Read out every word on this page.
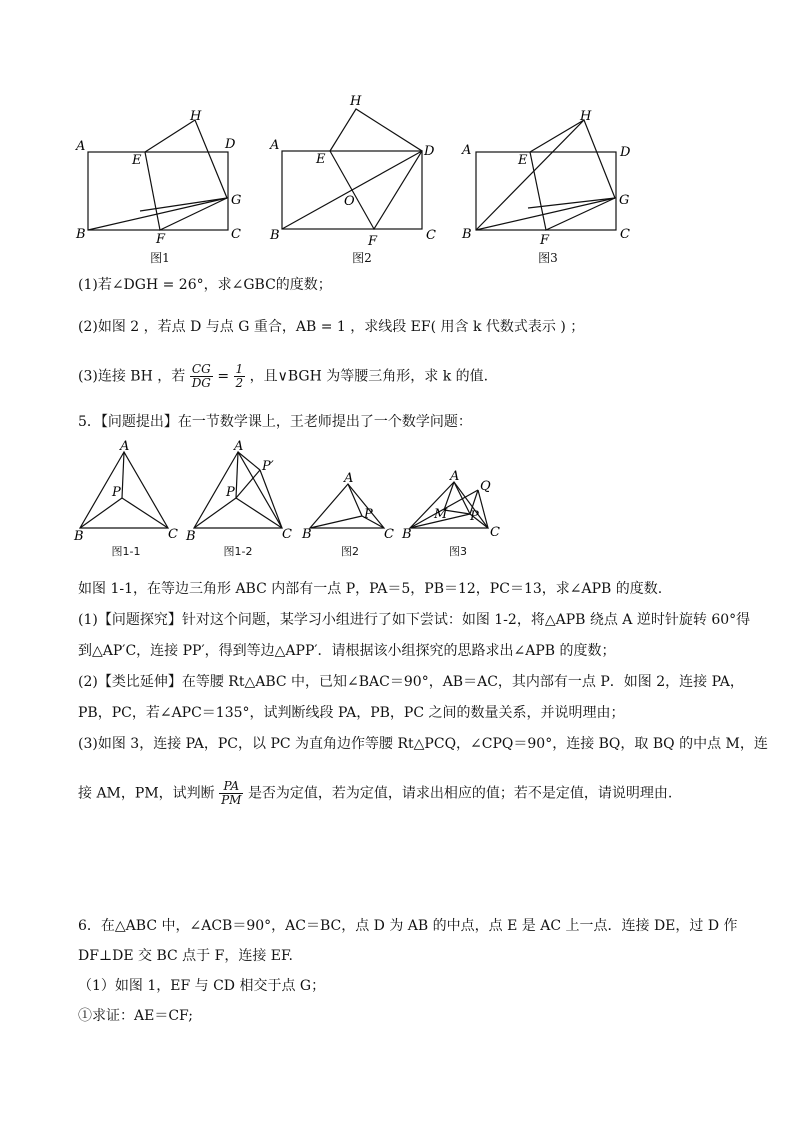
A
B	C
D
E
F
G
H
图1
A
B	C
D
E
F
H
O
图2
A
B	C
D
E
F
G
H
图3
(1)若∠DGH = 26°，求∠GBC的度数；
(2)如图 2 ，若点 D 与点 G 重合，AB = 1 ，求线段 EF( 用含 k 代数式表示 ) ；
(3)连接 BH ，若 $\frac{CG}{DG} = \frac{1}{2}$ ，且∨BGH 为等腰三角形，求 k 的值.
5．【问题提出】在一节数学课上，王老师提出了一个数学问题：
A
B	C
P
图1-1
A
B	C
P
P′
图1-2
A
B	C
P
图2
A
B	C
P
Q
M
图3
如图 1-1，在等边三角形 ABC 内部有一点 P，PA＝5，PB＝12，PC＝13，求∠APB 的度数.
(1)【问题探究】针对这个问题，某学习小组进行了如下尝试：如图 1-2，将△APB 绕点 A 逆时针旋转 60°得
到△AP′C，连接 PP′，得到等边△APP′．请根据该小组探究的思路求出∠APB 的度数；
(2)【类比延伸】在等腰 Rt△ABC 中，已知∠BAC＝90°，AB＝AC，其内部有一点 P．如图 2，连接 PA，
PB，PC，若∠APC＝135°，试判断线段 PA，PB，PC 之间的数量关系，并说明理由；
(3)如图 3，连接 PA，PC，以 PC 为直角边作等腰 Rt△PCQ，∠CPQ＝90°，连接 BQ，取 BQ 的中点 M，连
接 AM，PM，试判断 $\frac{PA}{PM}$ 是否为定值，若为定值，请求出相应的值；若不是定值，请说明理由.
6．在△ABC 中，∠ACB＝90°，AC＝BC，点 D 为 AB 的中点，点 E 是 AC 上一点．连接 DE，过 D 作
DF⊥DE 交 BC 点于 F，连接 EF.
（1）如图 1，EF 与 CD 相交于点 G；
①求证：AE＝CF;
